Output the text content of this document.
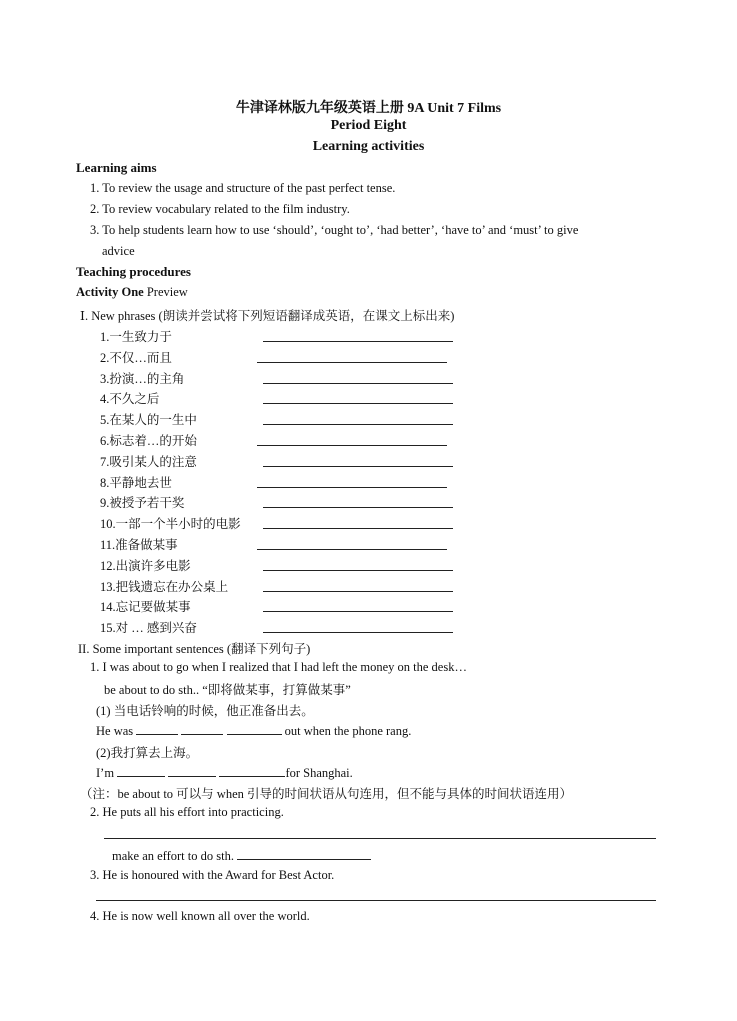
牛津译林版九年级英语上册 9A Unit 7 Films
Period Eight
Learning activities
Learning aims
1. To review the usage and structure of the past perfect tense.
2. To review vocabulary related to the film industry.
3. To help students learn how to use ‘should’, ‘ought to’, ‘had better’, ‘have to’ and ‘must’ to give
advice
Teaching procedures
Activity One Preview
Ⅰ. New phrases (朗读并尝试将下列短语翻译成英语，在课文上标出来)
1.一生致力于
2.不仅…而且
3.扮演…的主角
4.不久之后
5.在某人的一生中
6.标志着…的开始
7.吸引某人的注意
8.平静地去世
9.被授予若干奖
10.一部一个半小时的电影
11.准备做某事
12.出演许多电影
13.把钱遗忘在办公桌上
14.忘记要做某事
15.对 … 感到兴奋
II. Some important sentences (翻译下列句子)
1. I was about to go when I realized that I had left the money on the desk…
be about to do sth.. “即将做某事，打算做某事”
(1) 当电话铃响的时候，他正准备出去。
He was	out when the phone rang.
(2)我打算去上海。
I’m	for Shanghai.
（注：be about to 可以与 when 引导的时间状语从句连用，但不能与具体的时间状语连用）
2. He puts all his effort into practicing.
make an effort to do sth.
3. He is honoured with the Award for Best Actor.
4. He is now well known all over the world.
